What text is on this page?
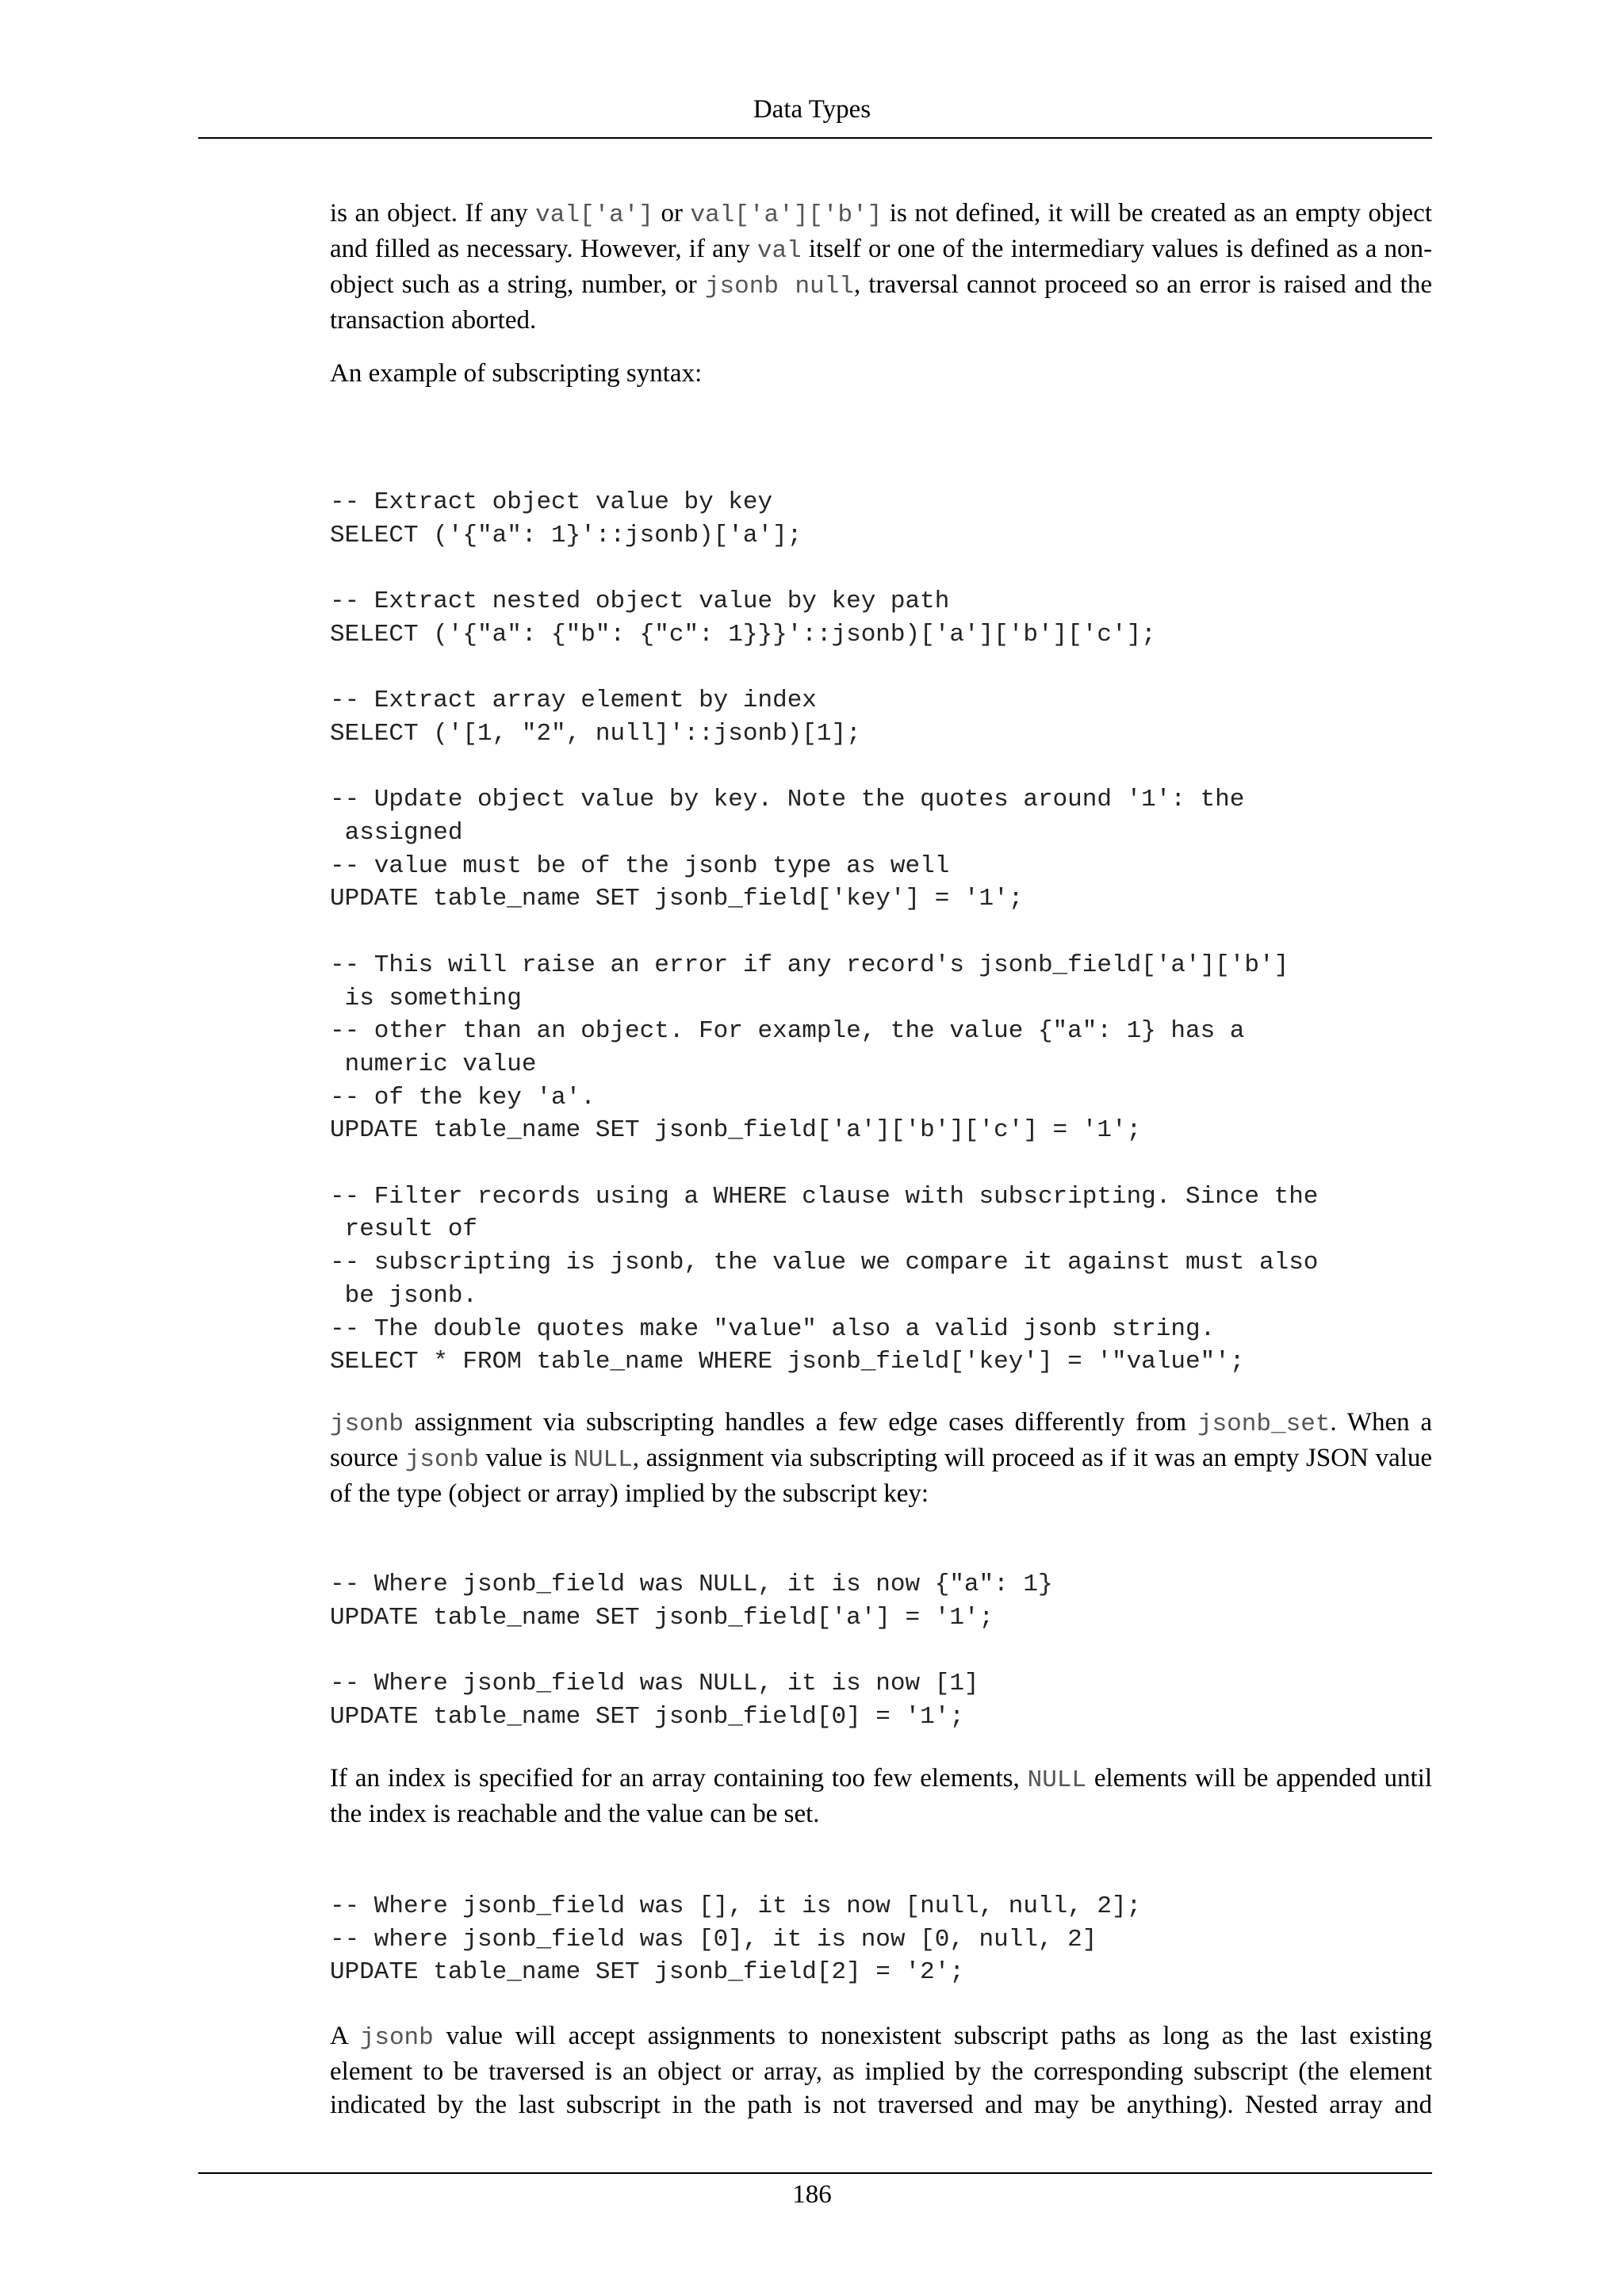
Data Types

is an object. If any val['a'] or val['a']['b'] is not defined, it will be created as an empty object and filled as necessary. However, if any val itself or one of the intermediary values is defined as a non-object such as a string, number, or jsonb null, traversal cannot proceed so an error is raised and the transaction aborted.

An example of subscripting syntax:

-- Extract object value by key
SELECT ('{"a": 1}'::jsonb)['a'];

-- Extract nested object value by key path
SELECT ('{"a": {"b": {"c": 1}}}'::jsonb)['a']['b']['c'];

-- Extract array element by index
SELECT ('[1, "2", null]'::jsonb)[1];

-- Update object value by key. Note the quotes around '1': the
assigned
-- value must be of the jsonb type as well
UPDATE table_name SET jsonb_field['key'] = '1';

-- This will raise an error if any record's jsonb_field['a']['b']
is something
-- other than an object. For example, the value {"a": 1} has a
numeric value
-- of the key 'a'.
UPDATE table_name SET jsonb_field['a']['b']['c'] = '1';

-- Filter records using a WHERE clause with subscripting. Since the
result of
-- subscripting is jsonb, the value we compare it against must also
be jsonb.
-- The double quotes make "value" also a valid jsonb string.
SELECT * FROM table_name WHERE jsonb_field['key'] = '"value"';

jsonb assignment via subscripting handles a few edge cases differently from jsonb_set. When a source jsonb value is NULL, assignment via subscripting will proceed as if it was an empty JSON value of the type (object or array) implied by the subscript key:

-- Where jsonb_field was NULL, it is now {"a": 1}
UPDATE table_name SET jsonb_field['a'] = '1';

-- Where jsonb_field was NULL, it is now [1]
UPDATE table_name SET jsonb_field[0] = '1';

If an index is specified for an array containing too few elements, NULL elements will be appended until the index is reachable and the value can be set.

-- Where jsonb_field was [], it is now [null, null, 2];
-- where jsonb_field was [0], it is now [0, null, 2]
UPDATE table_name SET jsonb_field[2] = '2';

A jsonb value will accept assignments to nonexistent subscript paths as long as the last existing element to be traversed is an object or array, as implied by the corresponding subscript (the element indicated by the last subscript in the path is not traversed and may be anything). Nested array and

186
